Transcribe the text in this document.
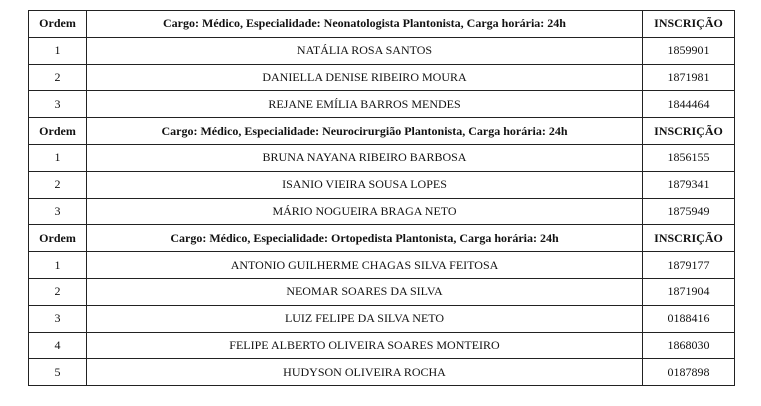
Ordem	Cargo: Médico, Especialidade: Neonatologista Plantonista, Carga horária: 24h	INSCRIÇÃO
1	NATÁLIA ROSA SANTOS	1859901
2	DANIELLA DENISE RIBEIRO MOURA	1871981
3	REJANE EMÍLIA BARROS MENDES	1844464
Ordem	Cargo: Médico, Especialidade: Neurocirurgião Plantonista, Carga horária: 24h	INSCRIÇÃO
1	BRUNA NAYANA RIBEIRO BARBOSA	1856155
2	ISANIO VIEIRA SOUSA LOPES	1879341
3	MÁRIO NOGUEIRA BRAGA NETO	1875949
Ordem	Cargo: Médico, Especialidade: Ortopedista Plantonista, Carga horária: 24h	INSCRIÇÃO
1	ANTONIO GUILHERME CHAGAS SILVA FEITOSA	1879177
2	NEOMAR SOARES DA SILVA	1871904
3	LUIZ FELIPE DA SILVA NETO	0188416
4	FELIPE ALBERTO OLIVEIRA SOARES MONTEIRO	1868030
5	HUDYSON OLIVEIRA ROCHA	0187898
